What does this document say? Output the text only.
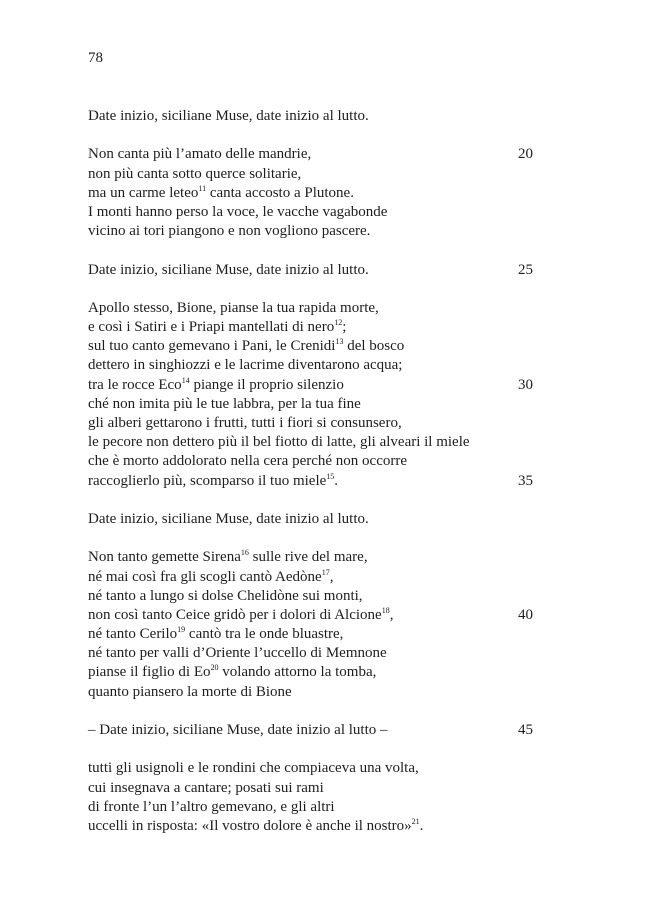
78
Date inizio, siciliane Muse, date inizio al lutto.
Non canta più l’amato delle mandrie,	20
non più canta sotto querce solitarie,
ma un carme leteo$^{11}$ canta accosto a Plutone.
I monti hanno perso la voce, le vacche vagabonde
vicino ai tori piangono e non vogliono pascere.
Date inizio, siciliane Muse, date inizio al lutto.	25
Apollo stesso, Bione, pianse la tua rapida morte,
e così i Satiri e i Priapi mantellati di nero$^{12}$;
sul tuo canto gemevano i Pani, le Crenidi$^{13}$ del bosco
dettero in singhiozzi e le lacrime diventarono acqua;
tra le rocce Eco$^{14}$ piange il proprio silenzio	30
ché non imita più le tue labbra, per la tua fine
gli alberi gettarono i frutti, tutti i fiori si consunsero,
le pecore non dettero più il bel fiotto di latte, gli alveari il miele
che è morto addolorato nella cera perché non occorre
raccoglierlo più, scomparso il tuo miele$^{15}$.	35
Date inizio, siciliane Muse, date inizio al lutto.
Non tanto gemette Sirena$^{16}$ sulle rive del mare,
né mai così fra gli scogli cantò Aedòne$^{17}$,
né tanto a lungo si dolse Chelidòne sui monti,
non così tanto Ceice gridò per i dolori di Alcione$^{18}$,	40
né tanto Cerilo$^{19}$ cantò tra le onde bluastre,
né tanto per valli d’Oriente l’uccello di Memnone
pianse il figlio di Eo$^{20}$ volando attorno la tomba,
quanto piansero la morte di Bione
– Date inizio, siciliane Muse, date inizio al lutto –	45
tutti gli usignoli e le rondini che compiaceva una volta,
cui insegnava a cantare; posati sui rami
di fronte l’un l’altro gemevano, e gli altri
uccelli in risposta: «Il vostro dolore è anche il nostro»$^{21}$.
